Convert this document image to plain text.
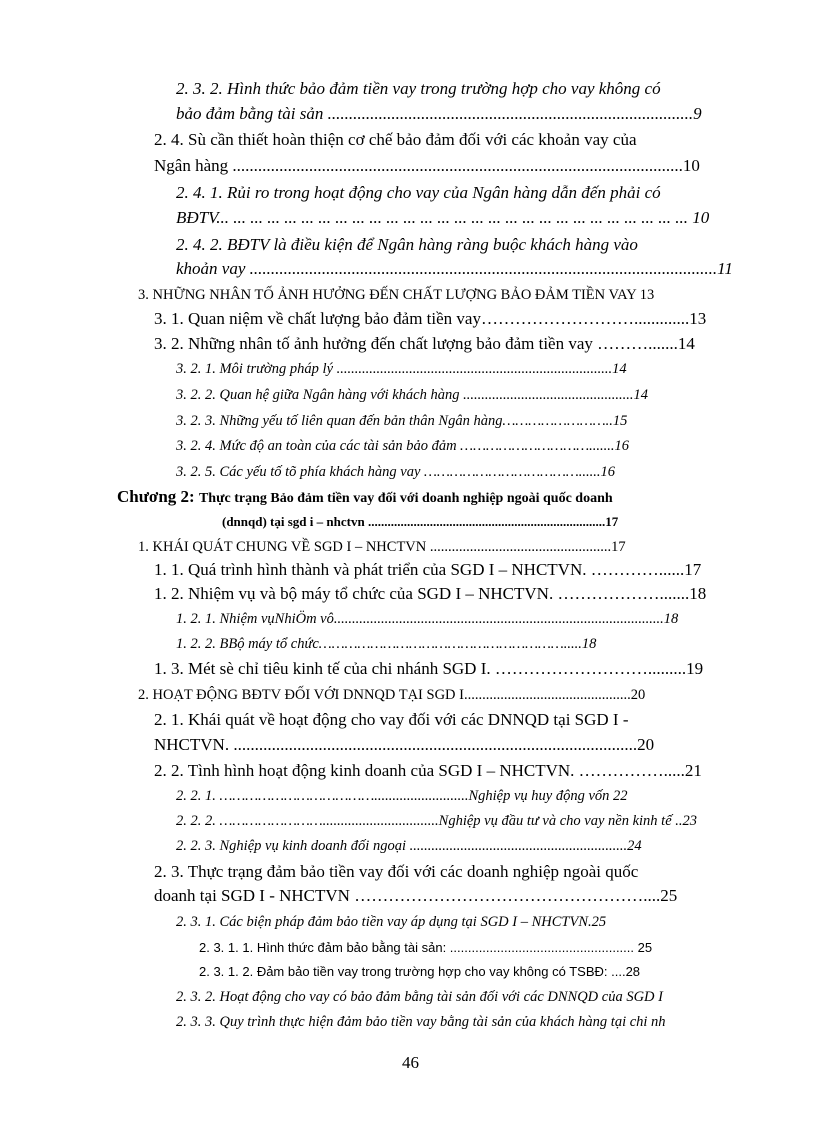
2. 3. 2. Hình thức bảo đảm tiền vay trong trường hợp cho vay không có
bảo đảm bằng tài sản ......................................................................................9
2. 4. Sù cần thiết hoàn thiện cơ chế bảo đảm đối với các khoản vay của
Ngân hàng ..........................................................................................................10
2. 4. 1. Rủi ro trong hoạt động cho vay của Ngân hàng dẫn đến phải có
BĐTV... ... ... ... ... ... ... ... ... ... ... ... ... ... ... ... ... ... ... ... ... ... ... ... ... ... ... ... 10
2. 4. 2. BĐTV là điều kiện để Ngân hàng ràng buộc khách hàng vào
khoản vay ..............................................................................................................11
3. NHỮNG NHÂN TỐ ẢNH HƯỞNG ĐẾN CHẤT LƯỢNG BẢO ĐẢM TIỀN VAY 13
3. 1. Quan niệm về chất lượng bảo đảm tiền vay……………………….............13
3. 2. Những nhân tố ảnh hưởng đến chất lượng bảo đảm tiền vay ……….......14
3. 2. 1. Môi trường pháp lý ............................................................................14
3. 2. 2. Quan hệ giữa Ngân hàng với khách hàng ...............................................14
3. 2. 3. Những yếu tố liên quan đến bản thân Ngân hàng……………………..15
3. 2. 4. Mức độ an toàn của các tài sản bảo đảm ………………………….......16
3. 2. 5. Các yếu tố tõ phía khách hàng vay ………………………………......16
Chương 2: Thực trạng Bảo đảm tiền vay đối với doanh nghiệp ngoài quốc doanh
(dnnqd) tại sgd i – nhctvn .........................................................................17
1. KHÁI QUÁT CHUNG VỀ SGD I – NHCTVN ..................................................17
1. 1. Quá trình hình thành và phát triển của SGD I – NHCTVN. …………......17
1. 2. Nhiệm vụ và bộ máy tổ chức của SGD I – NHCTVN. ……………….......18
1. 2. 1. Nhiệm vụNhiÖm vô...........................................................................................18
1. 2. 2. BBộ máy tổ chức………………………………………………….....18
1. 3. Mét sè chỉ tiêu kinh tế của chi nhánh SGD I. ……………………….........19
2. HOẠT ĐỘNG BĐTV ĐỐI VỚI DNNQD TẠI SGD I..............................................20
2. 1. Khái quát về hoạt động cho vay đối với các DNNQD tại SGD I -
NHCTVN. ...............................................................................................20
2. 2. Tình hình hoạt động kinh doanh của SGD I – NHCTVN. …………….....21
2. 2. 1. ………………………………..........................Nghiệp vụ huy động vốn 22
2. 2. 2. ……………………................................Nghiệp vụ đầu tư và cho vay nền kinh tế ..23
2. 2. 3. Nghiệp vụ kinh doanh đối ngoại ............................................................24
2. 3. Thực trạng đảm bảo tiền vay đối với các doanh nghiệp ngoài quốc
doanh tại SGD I - NHCTVN ……………………………………………....25
2. 3. 1. Các biện pháp đảm bảo tiền vay áp dụng tại SGD I – NHCTVN.25
2. 3. 1. 1. Hình thức đảm bảo bằng tài sản: ................................................... 25
2. 3. 1. 2. Đảm bảo tiền vay trong trường hợp cho vay không có TSBĐ: ....28
2. 3. 2. Hoạt động cho vay có bảo đảm bằng tài sản đối với các DNNQD của SGD I
2. 3. 3. Quy trình thực hiện đảm bảo tiền vay bằng tài sản của khách hàng tại chi nh
46
